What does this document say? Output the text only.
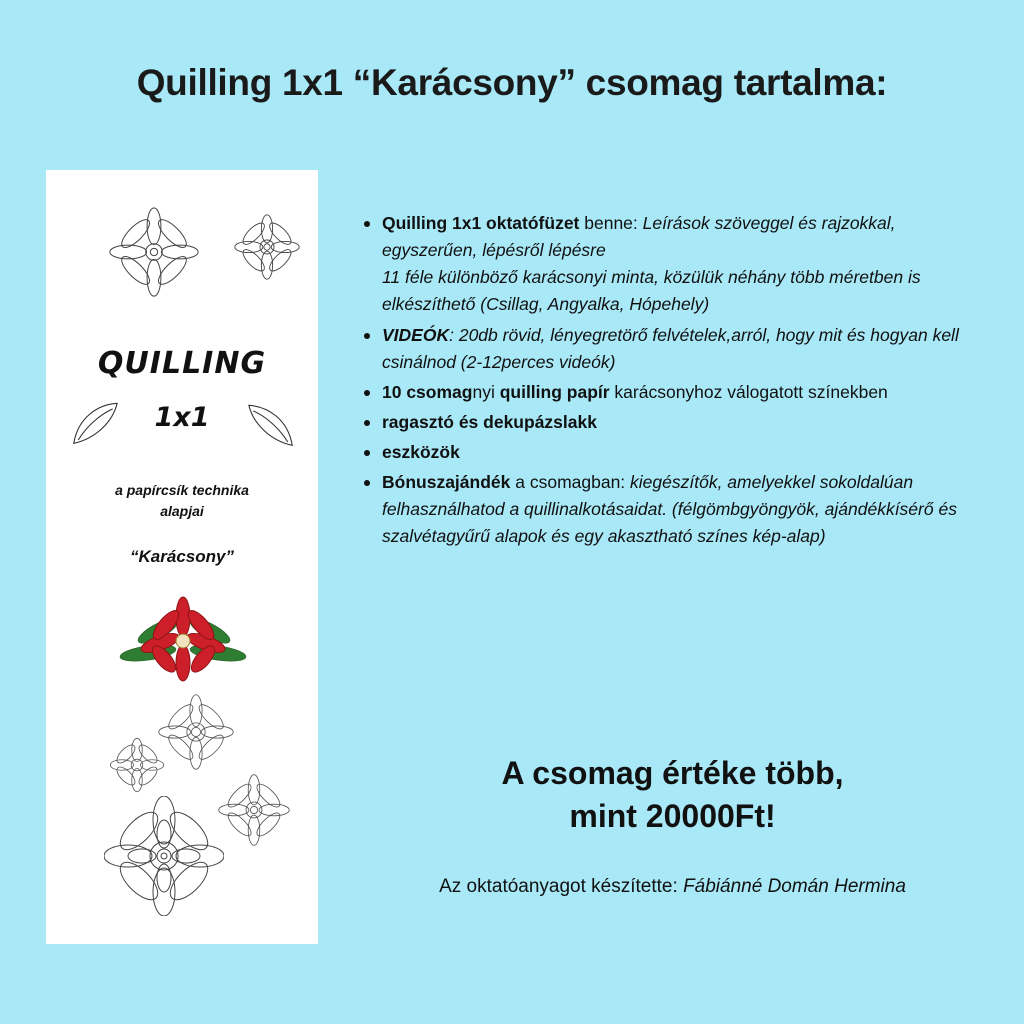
Quilling 1x1 “Karácsony” csomag tartalma:
QUILLING
1x1
a papírcsík technika
alapjai
“Karácsony”
Quilling 1x1 oktatófüzet benne: Leírások szöveggel és rajzokkal, egyszerűen, lépésről lépésre
11 féle különböző karácsonyi minta, közülük néhány több méretben is elkészíthető (Csillag, Angyalka, Hópehely)
VIDEÓK: 20db rövid, lényegretörő felvételek,arról, hogy mit és hogyan kell csinálnod (2-12perces videók)
10 csomagnyi quilling papír karácsonyhoz válogatott színekben
ragasztó és dekupázslakk
eszközök
Bónuszajándék a csomagban: kiegészítők, amelyekkel sokoldalúan felhasználhatod a quillinalkotásaidat. (félgömbgyöngyök, ajándékkísérő és szalvétagyűrű alapok és egy akasztható színes kép-alap)
A csomag értéke több,
mint 20000Ft!
Az oktatóanyagot készítette: Fábiánné Domán Hermina
